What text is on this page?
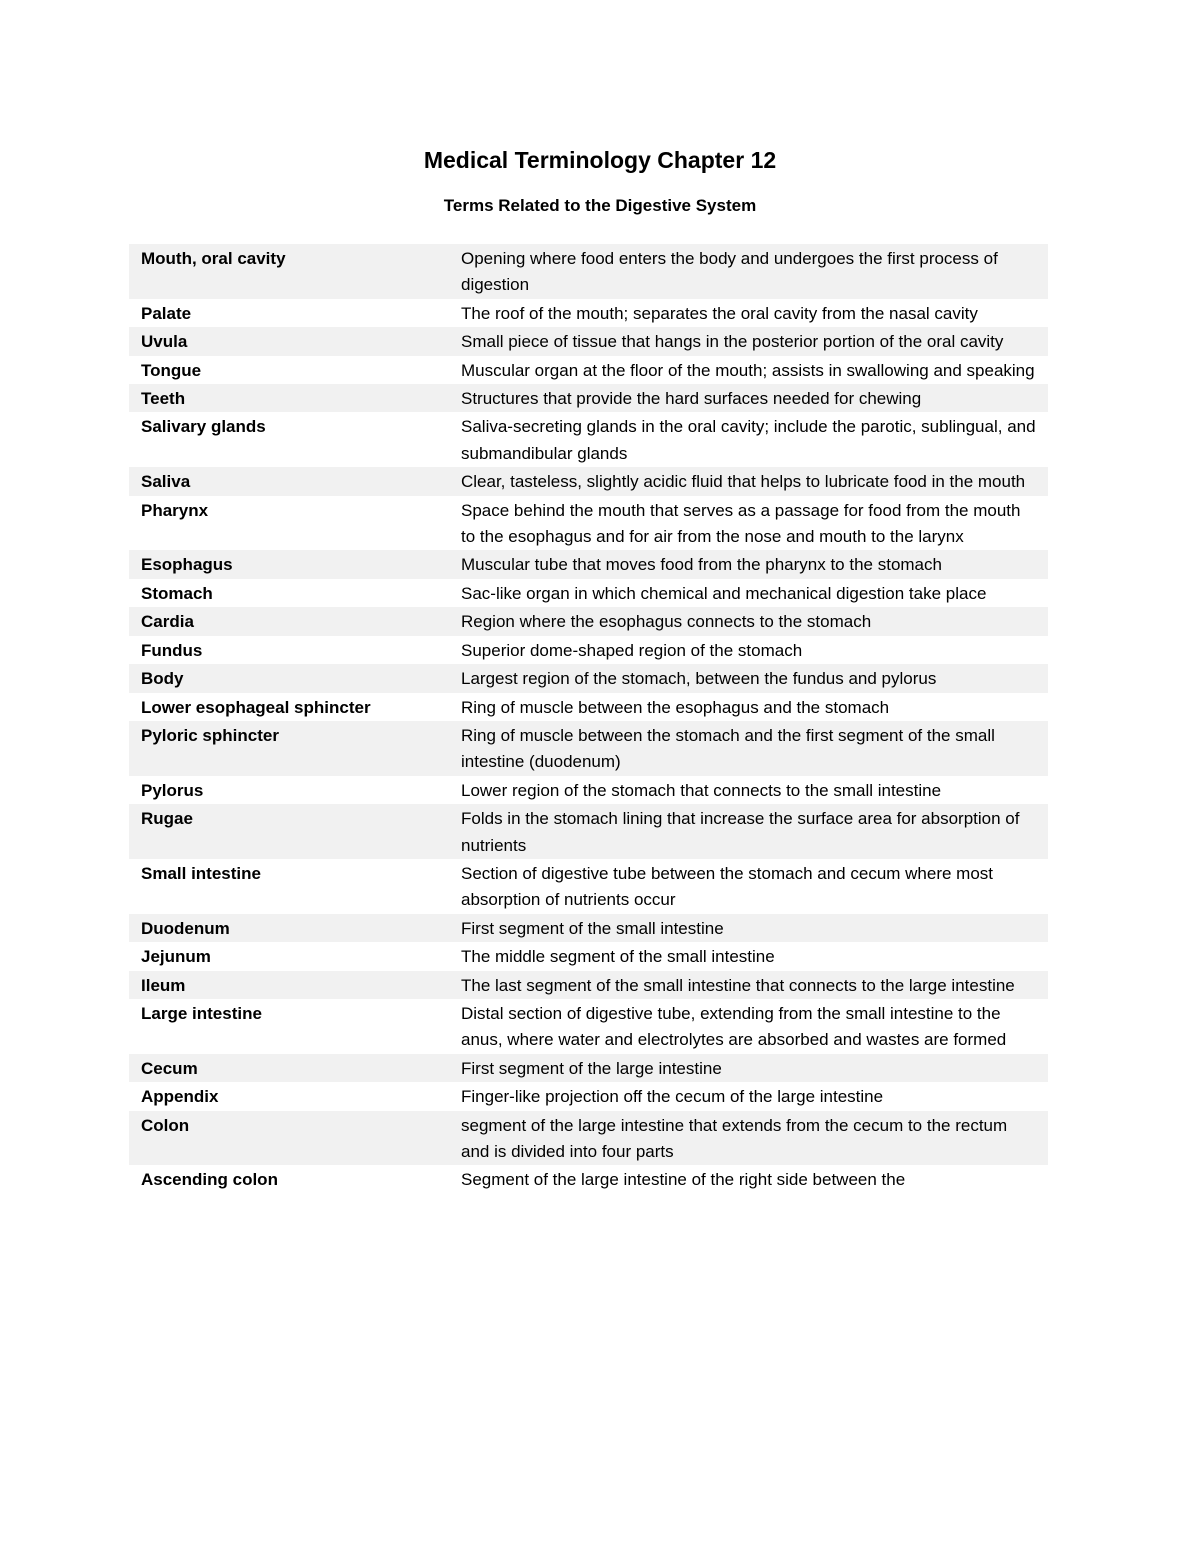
Medical Terminology Chapter 12
Terms Related to the Digestive System
Mouth, oral cavity	Opening where food enters the body and undergoes the first process of digestion
Palate	The roof of the mouth; separates the oral cavity from the nasal cavity
Uvula	Small piece of tissue that hangs in the posterior portion of the oral cavity
Tongue	Muscular organ at the floor of the mouth; assists in swallowing and speaking
Teeth	Structures that provide the hard surfaces needed for chewing
Salivary glands	Saliva-secreting glands in the oral cavity; include the parotic, sublingual, and submandibular glands
Saliva	Clear, tasteless, slightly acidic fluid that helps to lubricate food in the mouth
Pharynx	Space behind the mouth that serves as a passage for food from the mouth to the esophagus and for air from the nose and mouth to the larynx
Esophagus	Muscular tube that moves food from the pharynx to the stomach
Stomach	Sac-like organ in which chemical and mechanical digestion take place
Cardia	Region where the esophagus connects to the stomach
Fundus	Superior dome-shaped region of the stomach
Body	Largest region of the stomach, between the fundus and pylorus
Lower esophageal sphincter	Ring of muscle between the esophagus and the stomach
Pyloric sphincter	Ring of muscle between the stomach and the first segment of the small intestine (duodenum)
Pylorus	Lower region of the stomach that connects to the small intestine
Rugae	Folds in the stomach lining that increase the surface area for absorption of nutrients
Small intestine	Section of digestive tube between the stomach and cecum where most absorption of nutrients occur
Duodenum	First segment of the small intestine
Jejunum	The middle segment of the small intestine
Ileum	The last segment of the small intestine that connects to the large intestine
Large intestine	Distal section of digestive tube, extending from the small intestine to the anus, where water and electrolytes are absorbed and wastes are formed
Cecum	First segment of the large intestine
Appendix	Finger-like projection off the cecum of the large intestine
Colon	segment of the large intestine that extends from the cecum to the rectum and is divided into four parts
Ascending colon	Segment of the large intestine of the right side between the
